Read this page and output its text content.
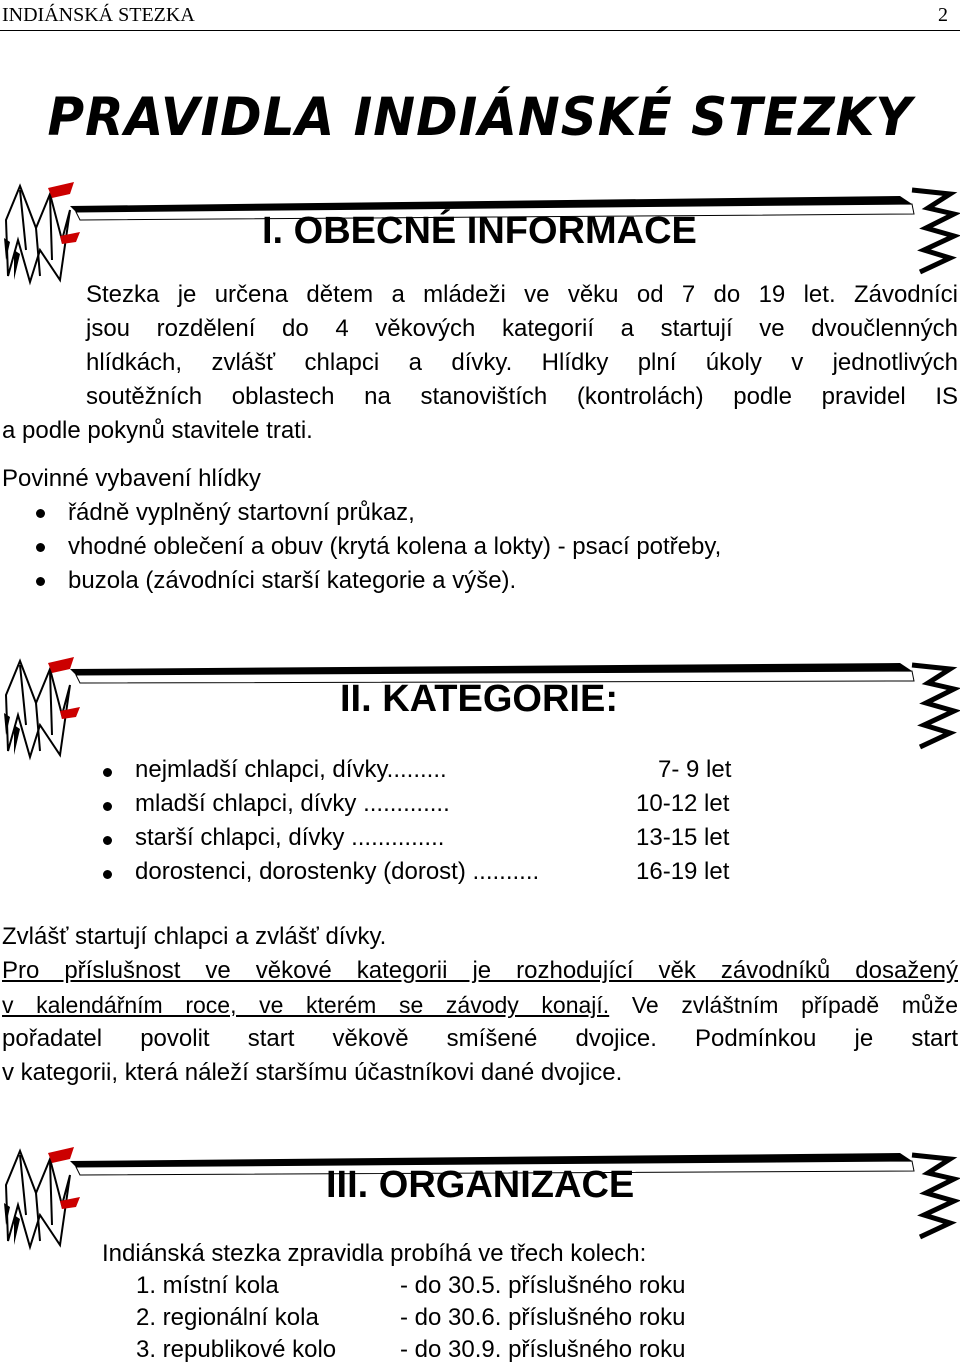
INDIÁNSKÁ STEZKA	2
PRAVIDLA INDIÁNSKÉ STEZKY
I. OBECNÉ INFORMACE
Stezka je určena dětem a mládeži ve věku od 7 do 19 let. Závodníci
jsou rozdělení do 4 věkových kategorií a startují ve dvoučlenných
hlídkách, zvlášť chlapci a dívky. Hlídky plní úkoly v jednotlivých
soutěžních oblastech na stanovištích (kontrolách) podle pravidel IS
a podle pokynů stavitele trati.
Povinné vybavení hlídky
řádně vyplněný startovní průkaz,
vhodné oblečení a obuv (krytá kolena a lokty) - psací potřeby,
buzola (závodníci starší kategorie a výše).
II. KATEGORIE:
nejmladší chlapci, dívky.........	7- 9 let
mladší chlapci, dívky .............	10-12 let
starší chlapci, dívky ..............	13-15 let
dorostenci, dorostenky (dorost) ..........	16-19 let
Zvlášť startují chlapci a zvlášť dívky.
Pro příslušnost ve věkové kategorii je rozhodující věk závodníků dosažený
v kalendářním roce, ve kterém se závody konají. Ve zvláštním případě může
pořadatel povolit start věkově smíšené dvojice. Podmínkou je start
v kategorii, která náleží staršímu účastníkovi dané dvojice.
III. ORGANIZACE
Indiánská stezka zpravidla probíhá ve třech kolech:
1. místní kola	- do 30.5. příslušného roku
2. regionální kola	- do 30.6. příslušného roku
3. republikové kolo	- do 30.9. příslušného roku
